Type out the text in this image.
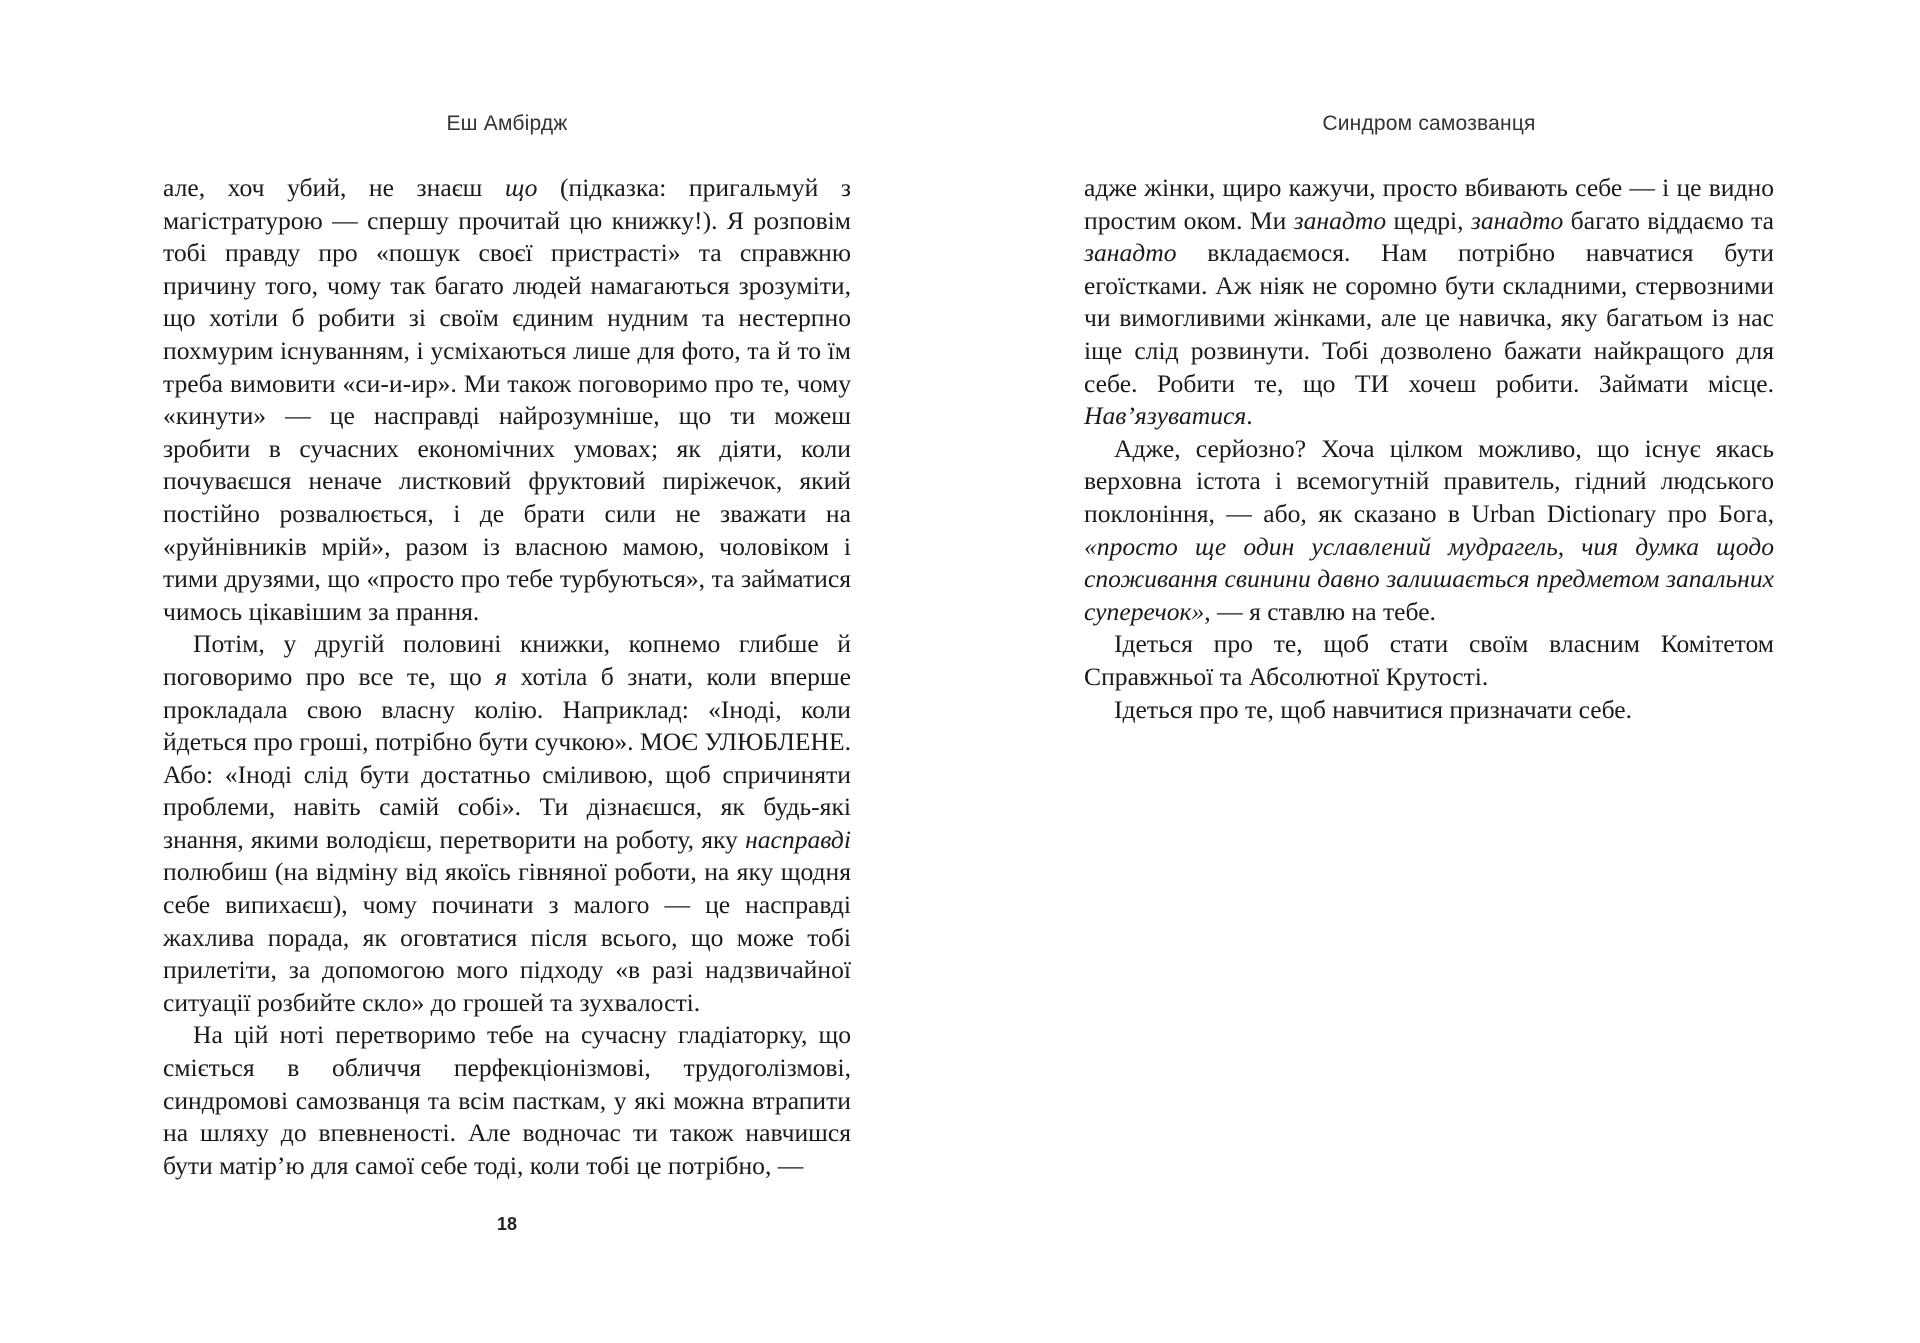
Еш Амбірдж

але, хоч убий, не знаєш що (підказка: пригальмуй з магістратурою — спершу прочитай цю книжку!). Я розповім тобі правду про «пошук своєї пристрасті» та справжню причину того, чому так багато людей намагаються зрозуміти, що хотіли б робити зі своїм єдиним нудним та нестерпно похмурим існуванням, і усміхаються лише для фото, та й то їм треба вимовити «си-и-ир». Ми також поговоримо про те, чому «кинути» — це насправді найрозумніше, що ти можеш зробити в сучасних економічних умовах; як діяти, коли почуваєшся неначе листковий фруктовий пиріжечок, який постійно розвалюється, і де брати сили не зважати на «руйнівників мрій», разом із власною мамою, чоловіком і тими друзями, що «просто про тебе турбуються», та займатися чимось цікавішим за прання.

Потім, у другій половині книжки, копнемо глибше й поговоримо про все те, що я хотіла б знати, коли вперше прокладала свою власну колію. Наприклад: «Іноді, коли йдеться про гроші, потрібно бути сучкою». МОЄ УЛЮБЛЕНЕ. Або: «Іноді слід бути достатньо сміливою, щоб спричиняти проблеми, навіть самій собі». Ти дізнаєшся, як будь-які знання, якими володієш, перетворити на роботу, яку насправді полюбиш (на відміну від якоїсь гівняної роботи, на яку щодня себе випихаєш), чому починати з малого — це насправді жахлива порада, як оговтатися після всього, що може тобі прилетіти, за допомогою мого підходу «в разі надзвичайної ситуації розбийте скло» до грошей та зухвалості.

На цій ноті перетворимо тебе на сучасну гладіаторку, що сміється в обличчя перфекціонізмові, трудоголізмові, синдромові самозванця та всім пасткам, у які можна втрапити на шляху до впевненості. Але водночас ти також навчишся бути матір’ю для самої себе тоді, коли тобі це потрібно, —

18
Синдром самозванця

адже жінки, щиро кажучи, просто вбивають себе — і це видно простим оком. Ми занадто щедрі, занадто багато віддаємо та занадто вкладаємося. Нам потрібно навчатися бути егоїстками. Аж ніяк не соромно бути складними, стервозними чи вимогливими жінками, але це навичка, яку багатьом із нас іще слід розвинути. Тобі дозволено бажати найкращого для себе. Робити те, що ТИ хочеш робити. Займати місце. Нав’язуватися.

Адже, серйозно? Хоча цілком можливо, що існує якась верховна істота і всемогутній правитель, гідний людського поклоніння, — або, як сказано в Urban Dictionary про Бога, «просто ще один уславлений мудрагель, чия думка щодо споживання свинини давно залишається предметом запальних суперечок», — я ставлю на тебе.

Ідеться про те, щоб стати своїм власним Комітетом Справжньої та Абсолютної Крутості.

Ідеться про те, щоб навчитися призначати себе.
